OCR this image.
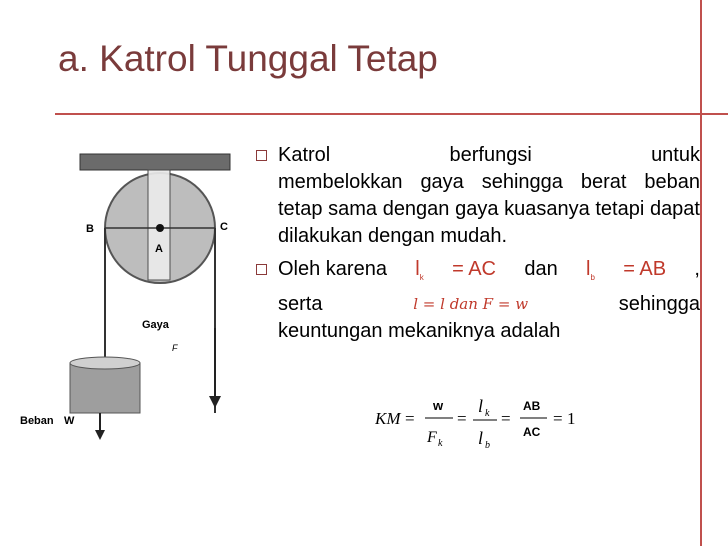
a. Katrol Tunggal Tetap
B	C
A
Gaya
F
Beban W
Katrol	berfungsi	untuk
membelokkan gaya sehingga berat beban tetap sama dengan gaya kuasanya tetapi dapat dilakukan dengan mudah.
Oleh karena $l_k$ = AC dan $l_b$ = AB ,
serta	l = l dan F = w	sehingga
keuntungan mekaniknya adalah
KM =
w
F k
=
l k
l b
=
AB
AC
= 1
